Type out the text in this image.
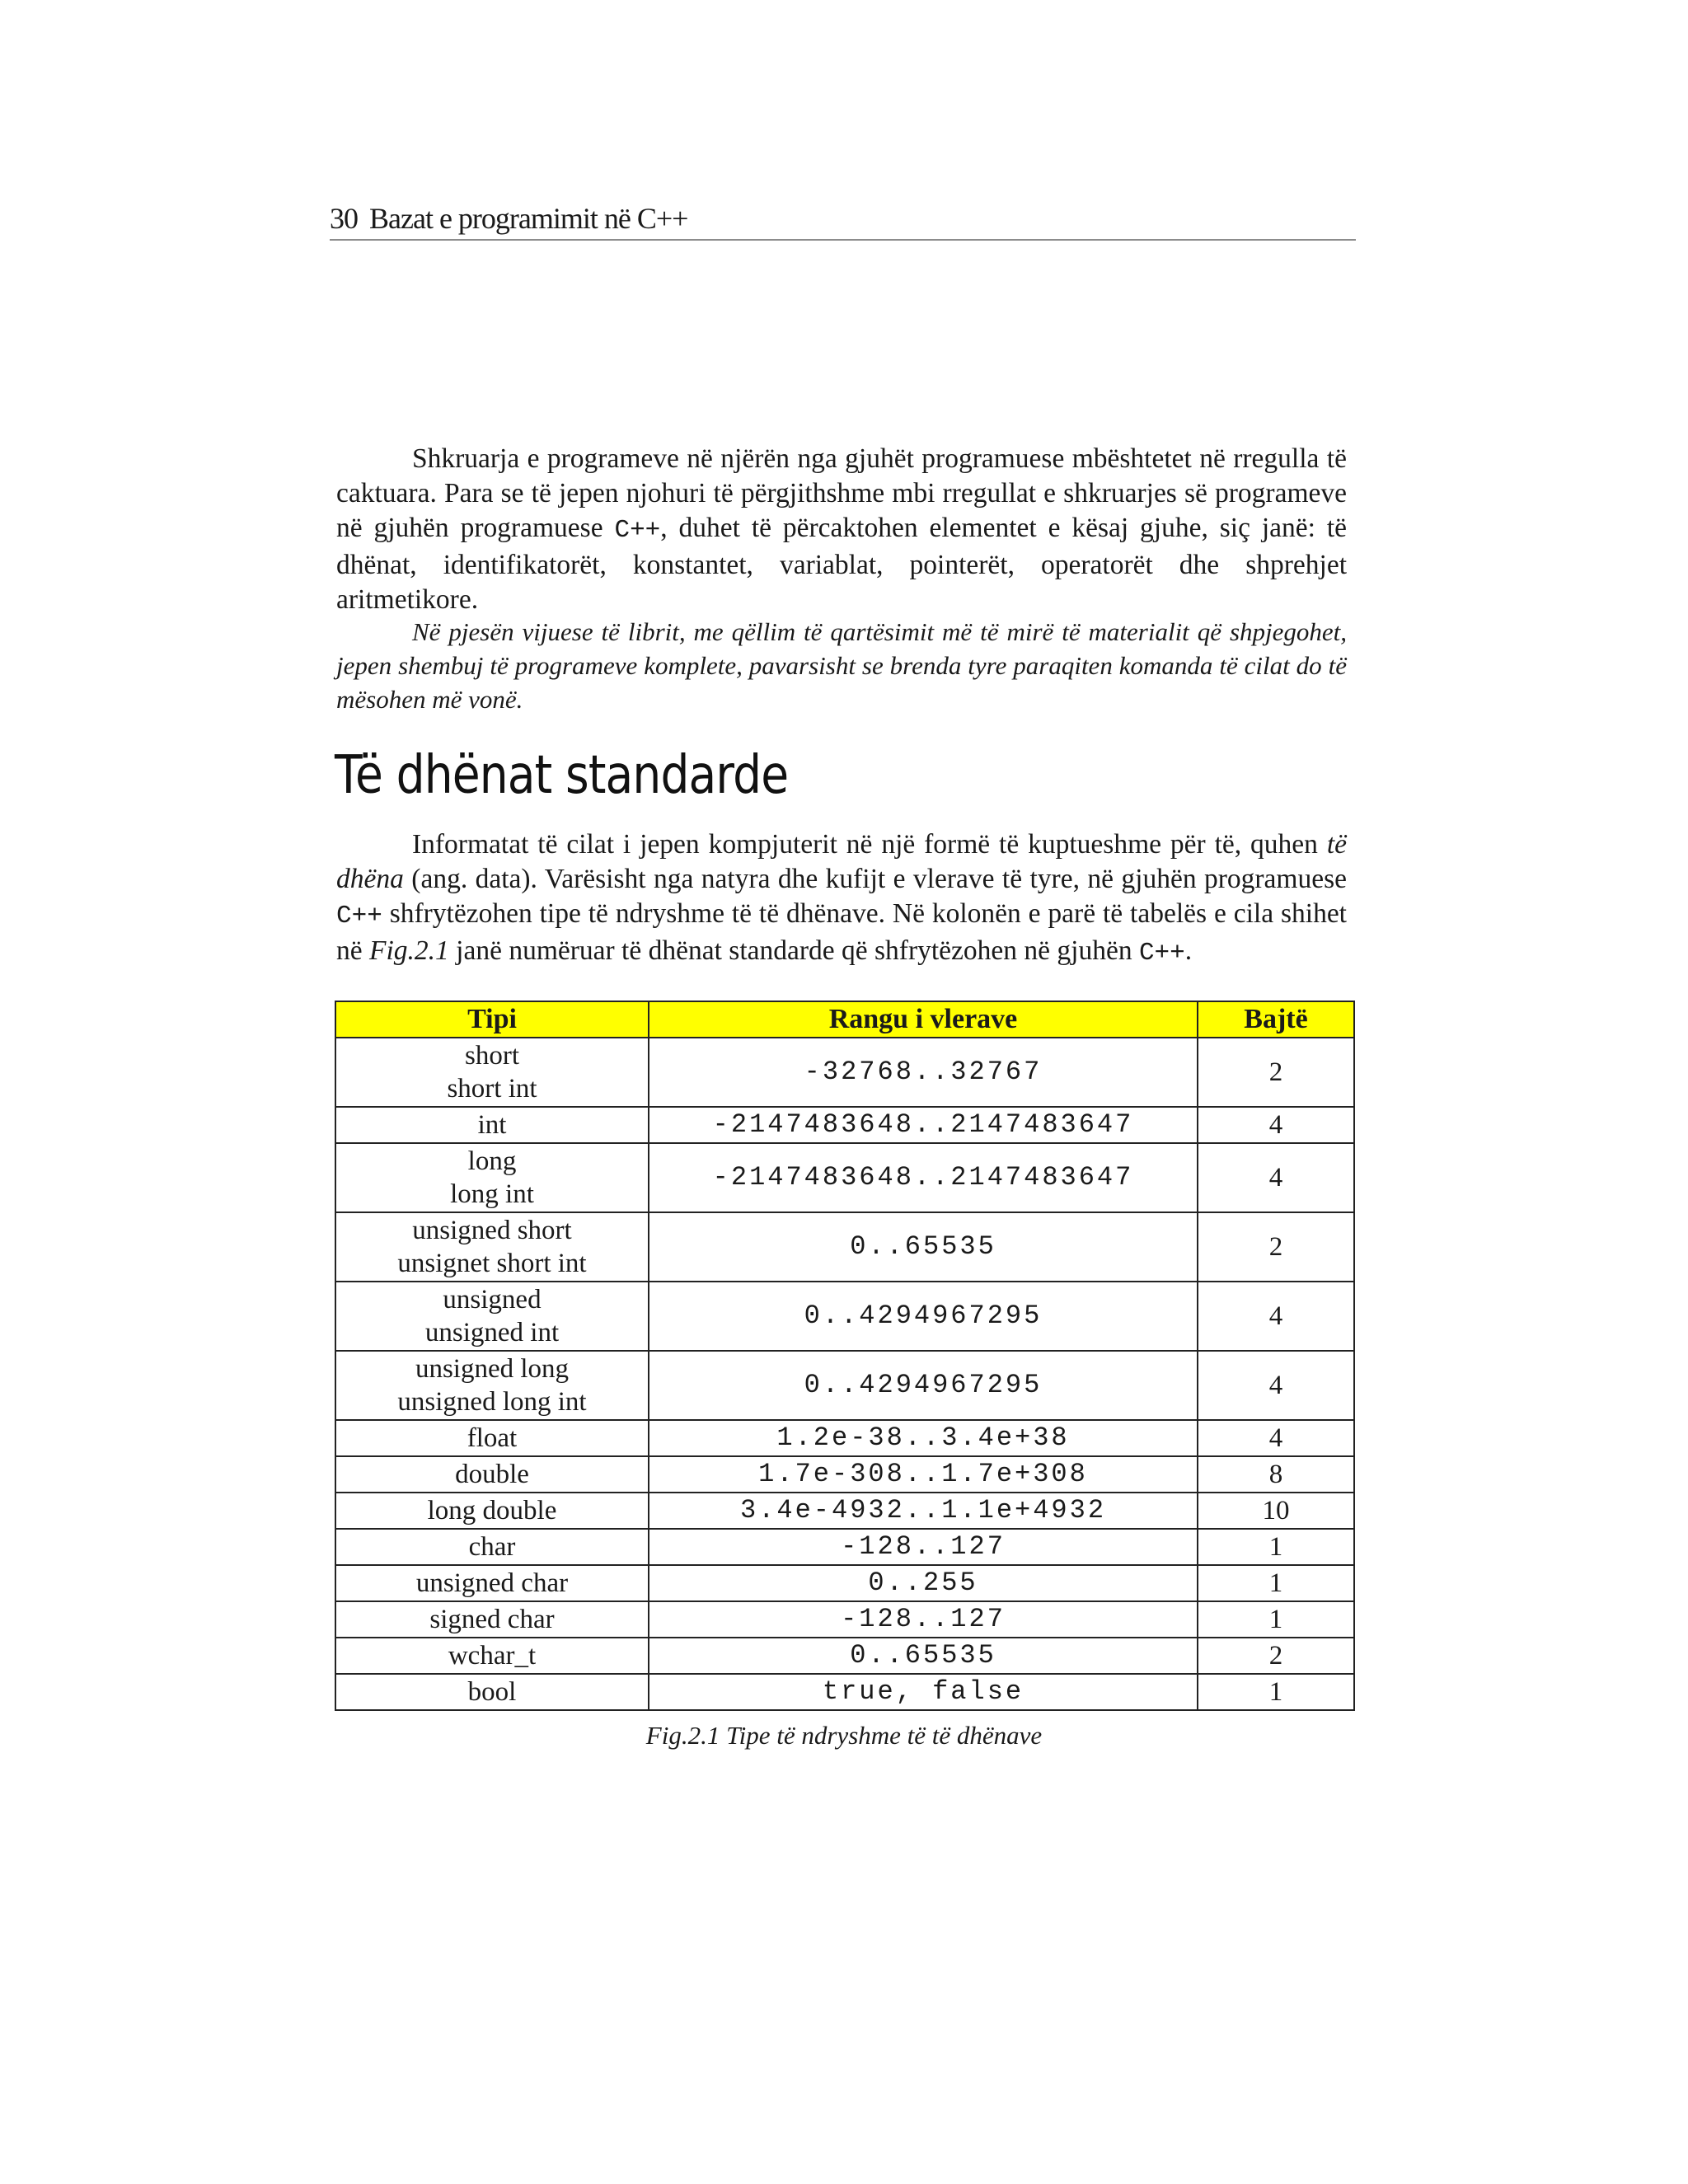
30 Bazat e programimit në C++

Shkruarja e programeve në njërën nga gjuhët programuese mbështetet në rregulla të caktuara. Para se të jepen njohuri të përgjithshme mbi rregullat e shkruarjes së programeve në gjuhën programuese C++, duhet të përcaktohen elementet e kësaj gjuhe, siç janë: të dhënat, identifikatorët, konstantet, variablat, pointerët, operatorët dhe shprehjet aritmetikore.

Në pjesën vijuese të librit, me qëllim të qartësimit më të mirë të materialit që shpjegohet, jepen shembuj të programeve komplete, pavarsisht se brenda tyre paraqiten komanda të cilat do të mësohen më vonë.

Të dhënat standarde

Informatat të cilat i jepen kompjuterit në një formë të kuptueshme për të, quhen të dhëna (ang. data). Varësisht nga natyra dhe kufijt e vlerave të tyre, në gjuhën programuese C++ shfrytëzohen tipe të ndryshme të të dhënave. Në kolonën e parë të tabelës e cila shihet në Fig.2.1 janë numëruar të dhënat standarde që shfrytëzohen në gjuhën C++.

Tipi	Rangu i vlerave	Bajtë

short
short int	-32768..32767	2

int	-2147483648..2147483647	4

long
long int	-2147483648..2147483647	4

unsigned short
unsignet short int	0..65535	2

unsigned
unsigned int	0..4294967295	4

unsigned long
unsigned long int	0..4294967295	4

float	1.2e-38..3.4e+38	4

double	1.7e-308..1.7e+308	8

long double	3.4e-4932..1.1e+4932	10

char	-128..127	1

unsigned char	0..255	1

signed char	-128..127	1

wchar_t	0..65535	2

bool	true, false	1
Fig.2.1 Tipe të ndryshme të të dhënave
